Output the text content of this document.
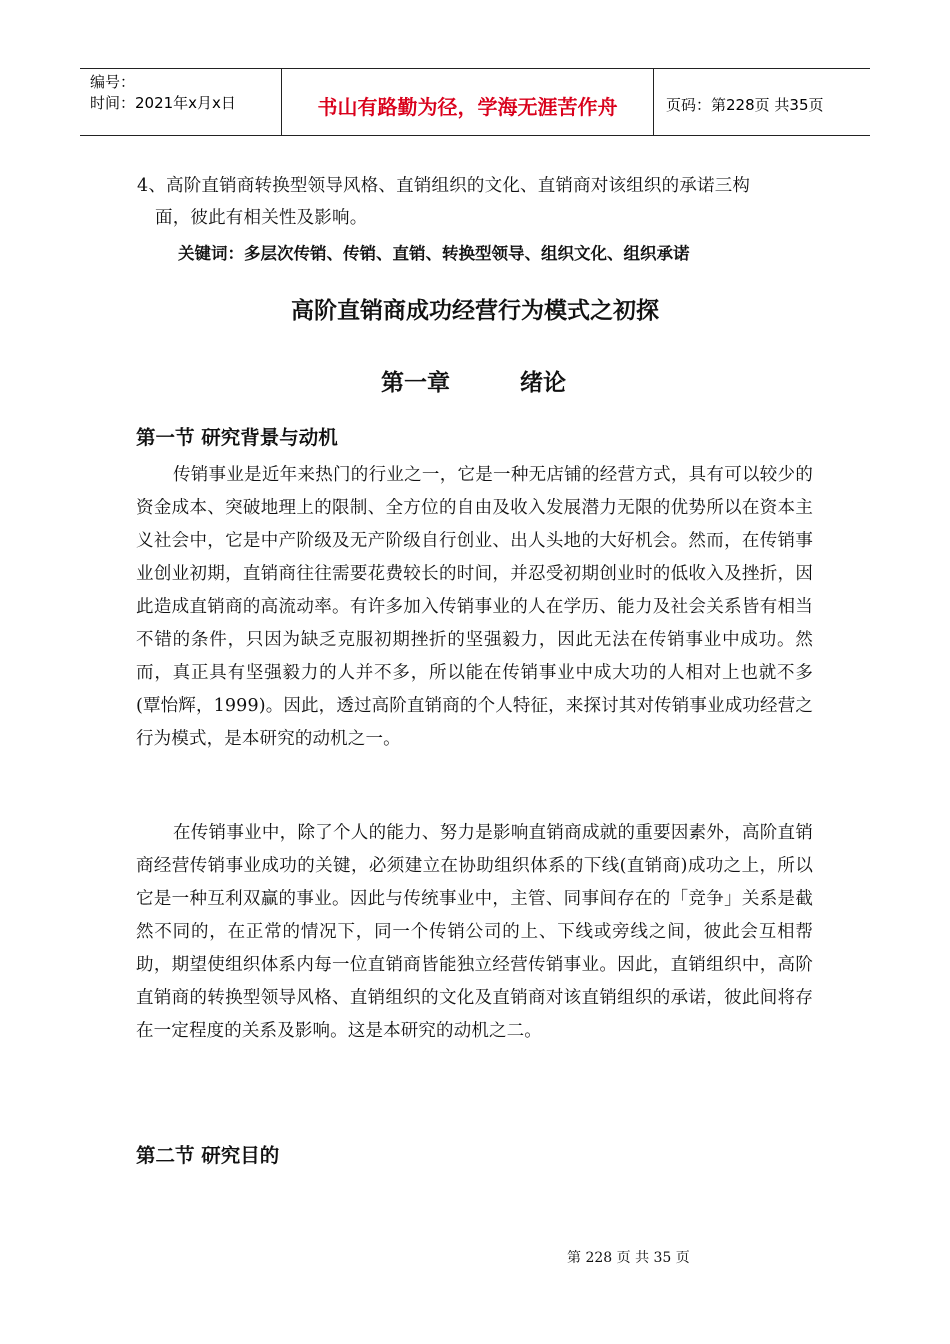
编号：
时间：2021年x月x日	书山有路勤为径，学海无涯苦作舟	页码：第228页 共35页
4、高阶直销商转换型领导风格、直销组织的文化、直销商对该组织的承诺三构
面，彼此有相关性及影响。
关键词：多层次传销、传销、直销、转换型领导、组织文化、组织承诺
高阶直销商成功经营行为模式之初探
第一章	绪论
第一节 研究背景与动机
传销事业是近年来热门的行业之一，它是一种无店铺的经营方式，具有可以较少的资金成本、突破地理上的限制、全方位的自由及收入发展潜力无限的优势所以在资本主义社会中，它是中产阶级及无产阶级自行创业、出人头地的大好机会。然而，在传销事业创业初期，直销商往往需要花费较长的时间，并忍受初期创业时的低收入及挫折，因此造成直销商的高流动率。有许多加入传销事业的人在学历、能力及社会关系皆有相当不错的条件，只因为缺乏克服初期挫折的坚强毅力，因此无法在传销事业中成功。然而，真正具有坚强毅力的人并不多，所以能在传销事业中成大功的人相对上也就不多(覃怡辉，1999)。因此，透过高阶直销商的个人特征，来探讨其对传销事业成功经营之行为模式，是本研究的动机之一。
在传销事业中，除了个人的能力、努力是影响直销商成就的重要因素外，高阶直销商经营传销事业成功的关键，必须建立在协助组织体系的下线(直销商)成功之上，所以它是一种互利双赢的事业。因此与传统事业中，主管、同事间存在的「竞争」关系是截然不同的，在正常的情况下，同一个传销公司的上、下线或旁线之间，彼此会互相帮助，期望使组织体系内每一位直销商皆能独立经营传销事业。因此，直销组织中，高阶直销商的转换型领导风格、直销组织的文化及直销商对该直销组织的承诺，彼此间将存在一定程度的关系及影响。这是本研究的动机之二。
第二节 研究目的
第 228 页 共 35 页
